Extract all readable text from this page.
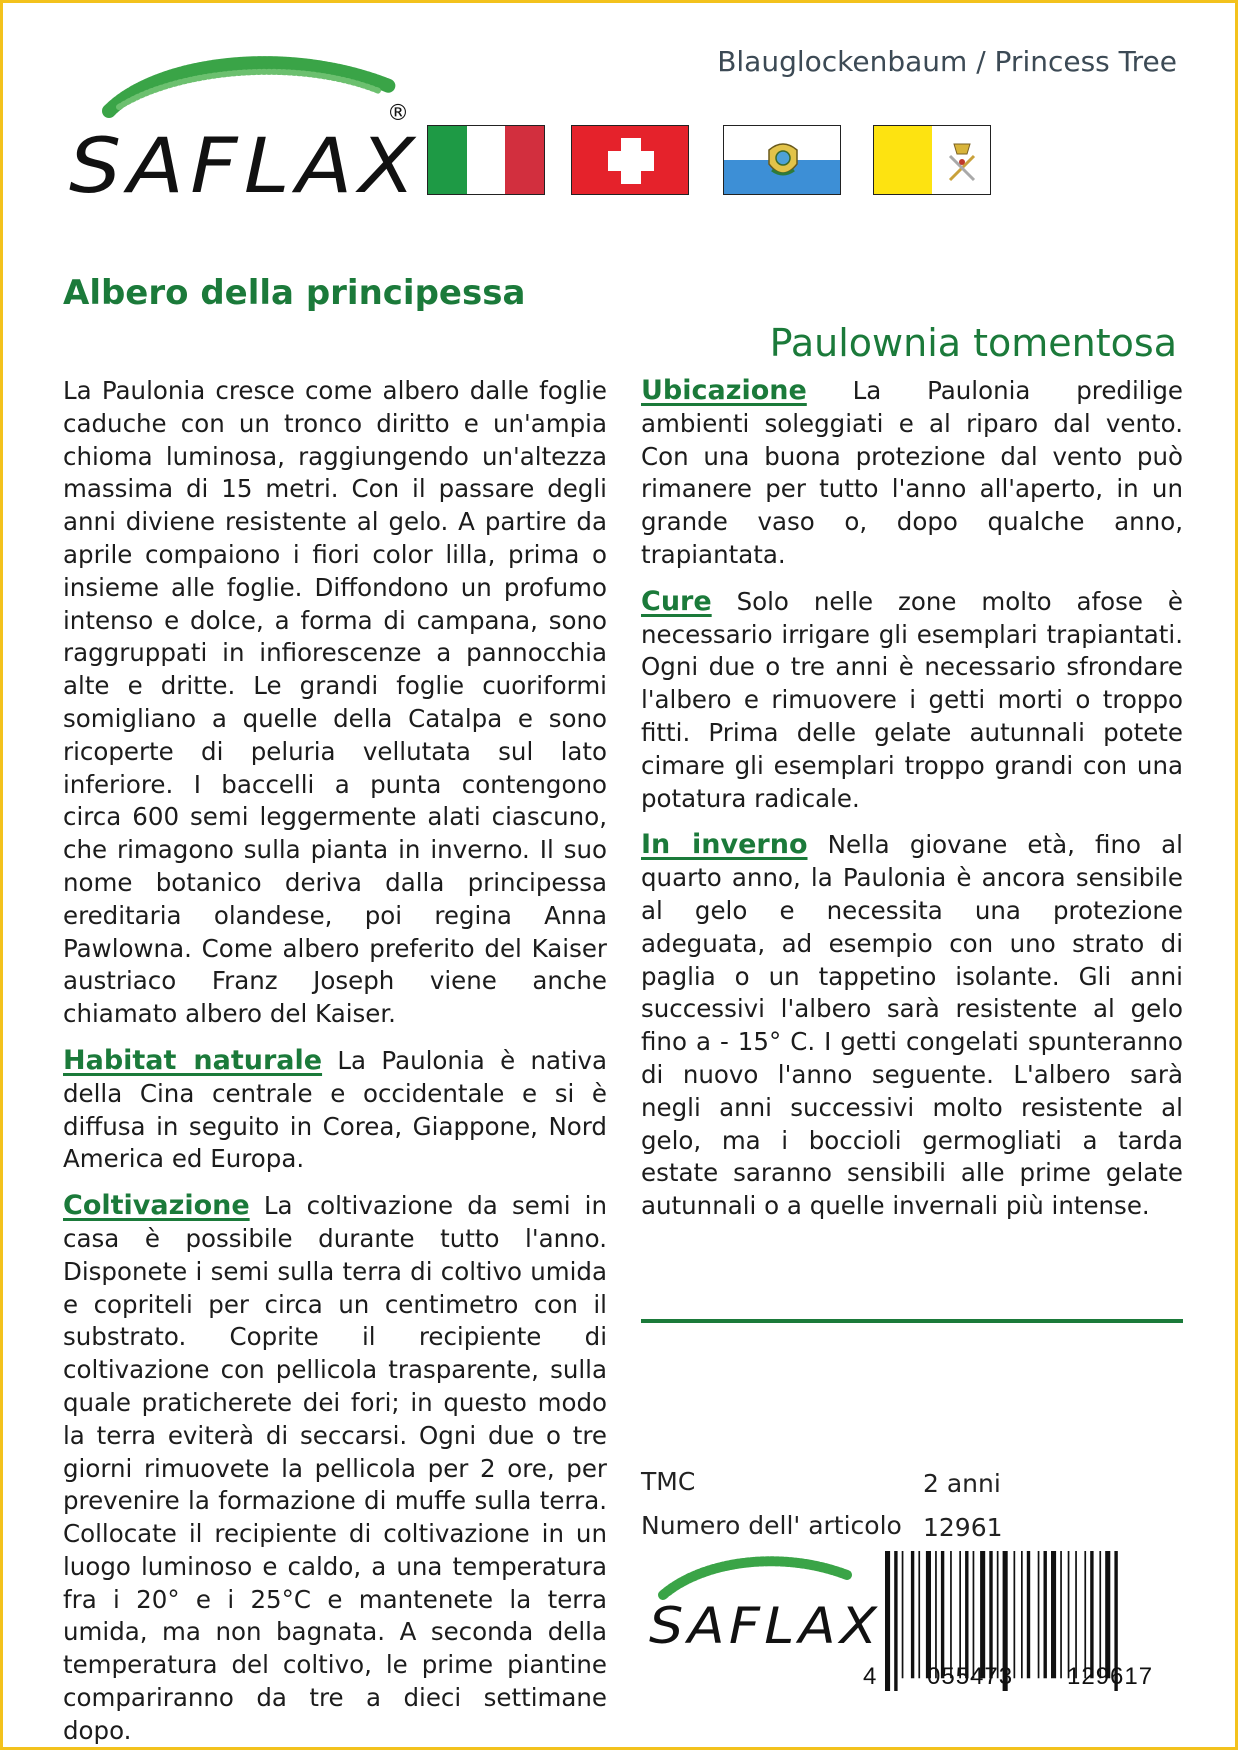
SAFLAX
®
Blauglockenbaum / Princess Tree
Albero della principessa
Paulownia tomentosa

La Paulonia cresce come albero dalle foglie caduche con un tronco diritto e un'ampia chioma luminosa, raggiungendo un'altezza massima di 15 metri. Con il passare degli anni diviene resistente al gelo. A partire da aprile compaiono i fiori color lilla, prima o insieme alle foglie. Diffondono un profumo intenso e dolce, a forma di campana, sono raggruppati in infiorescenze a pannocchia alte e dritte. Le grandi foglie cuoriformi somigliano a quelle della Catalpa e sono ricoperte di peluria vellutata sul lato inferiore. I baccelli a punta contengono circa 600 semi leggermente alati ciascuno, che rimagono sulla pianta in inverno. Il suo nome botanico deriva dalla principessa ereditaria olandese, poi regina Anna Pawlowna. Come albero preferito del Kaiser austriaco Franz Joseph viene anche chiamato albero del Kaiser.

Habitat naturale La Paulonia è nativa della Cina centrale e occidentale e si è diffusa in seguito in Corea, Giappone, Nord America ed Europa.

Coltivazione La coltivazione da semi in casa è possibile durante tutto l'anno. Disponete i semi sulla terra di coltivo umida e copriteli per circa un centimetro con il substrato. Coprite il recipiente di coltivazione con pellicola trasparente, sulla quale praticherete dei fori; in questo modo la terra eviterà di seccarsi. Ogni due o tre giorni rimuovete la pellicola per 2 ore, per prevenire la formazione di muffe sulla terra. Collocate il recipiente di coltivazione in un luogo luminoso e caldo, a una temperatura fra i 20° e i 25°C e mantenete la terra umida, ma non bagnata. A seconda della temperatura del coltivo, le prime piantine compariranno da tre a dieci settimane dopo.

Ubicazione La Paulonia predilige ambienti soleggiati e al riparo dal vento. Con una buona protezione dal vento può rimanere per tutto l'anno all'aperto, in un grande vaso o, dopo qualche anno, trapiantata.

Cure Solo nelle zone molto afose è necessario irrigare gli esemplari trapiantati. Ogni due o tre anni è necessario sfrondare l'albero e rimuovere i getti morti o troppo fitti. Prima delle gelate autunnali potete cimare gli esemplari troppo grandi con una potatura radicale.

In inverno Nella giovane età, fino al quarto anno, la Paulonia è ancora sensibile al gelo e necessita una protezione adeguata, ad esempio con uno strato di paglia o un tappetino isolante. Gli anni successivi l'albero sarà resistente al gelo fino a - 15° C. I getti congelati spunteranno di nuovo l'anno seguente. L'albero sarà negli anni successivi molto resistente al gelo, ma i boccioli germogliati a tarda estate saranno sensibili alle prime gelate autunnali o a quelle invernali più intense.

TMC	2 anni
Numero dell' articolo 12961
SAFLAX
4 055473 129617
